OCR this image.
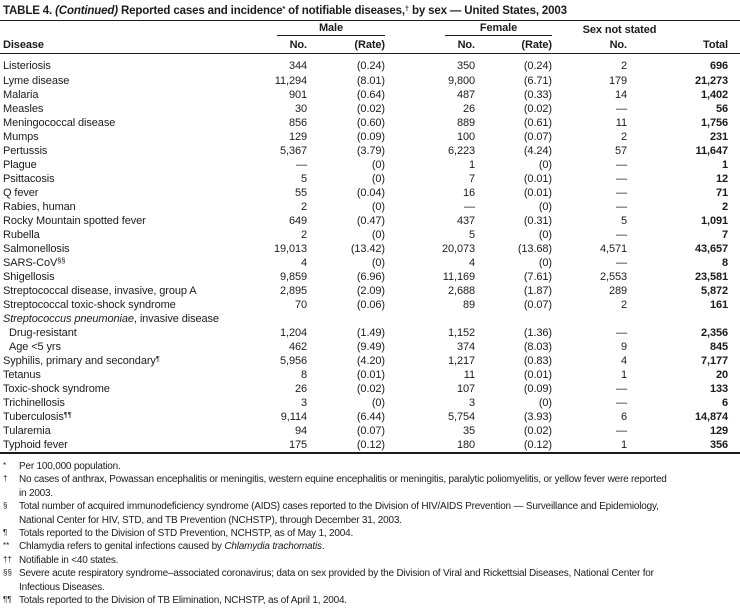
TABLE 4. (Continued) Reported cases and incidence* of notifiable diseases,† by sex — United States, 2003

	Male		Female		Sex not stated	
Disease	No.	(Rate)	No.	(Rate)	No.	Total
Listeriosis	344	(0.24)	350	(0.24)	2	696
Lyme disease	11,294	(8.01)	9,800	(6.71)	179	21,273
Malaria	901	(0.64)	487	(0.33)	14	1,402
Measles	30	(0.02)	26	(0.02)	—	56
Meningococcal disease	856	(0.60)	889	(0.61)	11	1,756
Mumps	129	(0.09)	100	(0.07)	2	231
Pertussis	5,367	(3.79)	6,223	(4.24)	57	11,647
Plague	—	(0)	1	(0)	—	1
Psittacosis	5	(0)	7	(0.01)	—	12
Q fever	55	(0.04)	16	(0.01)	—	71
Rabies, human	2	(0)	—	(0)	—	2
Rocky Mountain spotted fever	649	(0.47)	437	(0.31)	5	1,091
Rubella	2	(0)	5	(0)	—	7
Salmonellosis	19,013	(13.42)	20,073	(13.68)	4,571	43,657
SARS-CoV§§	4	(0)	4	(0)	—	8
Shigellosis	9,859	(6.96)	11,169	(7.61)	2,553	23,581
Streptococcal disease, invasive, group A	2,895	(2.09)	2,688	(1.87)	289	5,872
Streptococcal toxic-shock syndrome	70	(0.06)	89	(0.07)	2	161
Streptococcus pneumoniae, invasive disease						
Drug-resistant	1,204	(1.49)	1,152	(1.36)	—	2,356
Age <5 yrs	462	(9.49)	374	(8.03)	9	845
Syphilis, primary and secondary¶	5,956	(4.20)	1,217	(0.83)	4	7,177
Tetanus	8	(0.01)	11	(0.01)	1	20
Toxic-shock syndrome	26	(0.02)	107	(0.09)	—	133
Trichinellosis	3	(0)	3	(0)	—	6
Tuberculosis¶¶	9,114	(6.44)	5,754	(3.93)	6	14,874
Tularemia	94	(0.07)	35	(0.02)	—	129
Typhoid fever	175	(0.12)	180	(0.12)	1	356
* Per 100,000 population.
† No cases of anthrax, Powassan encephalitis or meningitis, western equine encephalitis or meningitis, paralytic poliomyelitis, or yellow fever were reported
in 2003.
§ Total number of acquired immunodeficiency syndrome (AIDS) cases reported to the Division of HIV/AIDS Prevention — Surveillance and Epidemiology,
National Center for HIV, STD, and TB Prevention (NCHSTP), through December 31, 2003.
¶ Totals reported to the Division of STD Prevention, NCHSTP, as of May 1, 2004.
** Chlamydia refers to genital infections caused by Chlamydia trachomatis.
†† Notifiable in <40 states.
§§ Severe acute respiratory syndrome–associated coronavirus; data on sex provided by the Division of Viral and Rickettsial Diseases, National Center for
Infectious Diseases.
¶¶ Totals reported to the Division of TB Elimination, NCHSTP, as of April 1, 2004.
